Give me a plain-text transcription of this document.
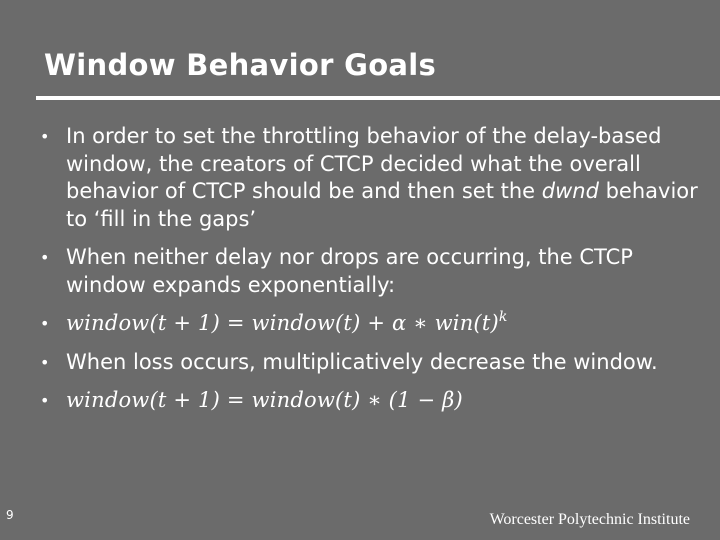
Window Behavior Goals
• In order to set the throttling behavior of the delay-based window, the creators of CTCP decided what the overall behavior of CTCP should be and then set the dwnd behavior to ‘fill in the gaps’
• When neither delay nor drops are occurring, the CTCP window expands exponentially:
• window(t + 1) = window(t) + α ∗ $win(t)^k$
• When loss occurs, multiplicatively decrease the window.
• window(t + 1) = window(t) ∗ (1 − β)
9	Worcester Polytechnic Institute
